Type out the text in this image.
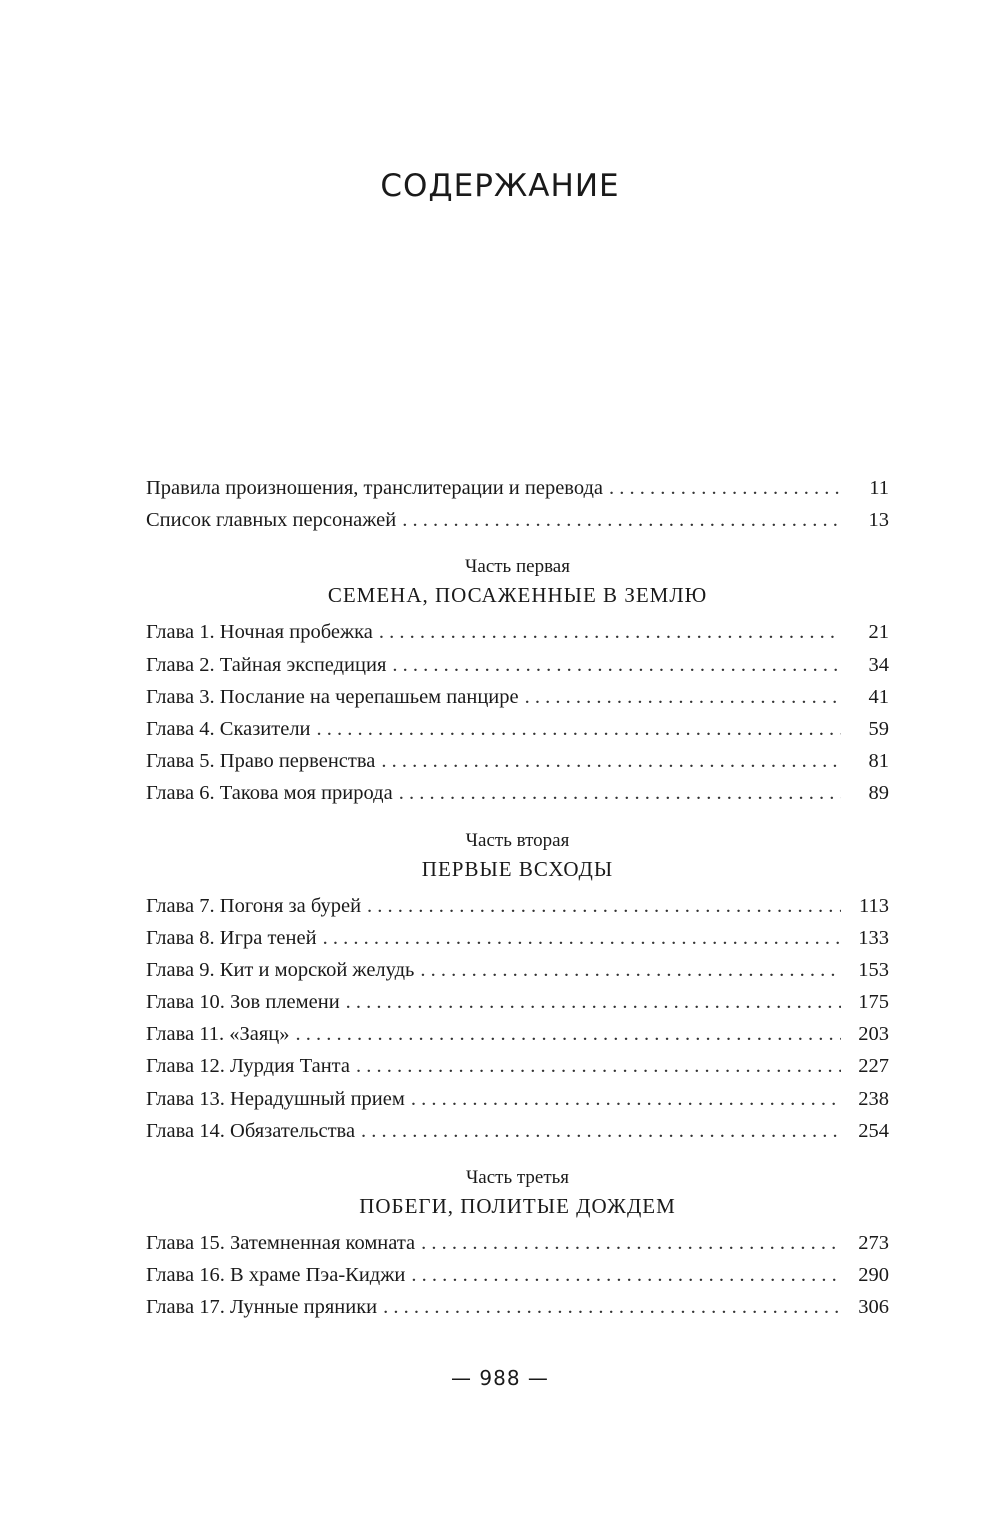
СОДЕРЖАНИЕ
Правила произношения, транслитерации и перевода . . .	11
Список главных персонажей . . .	13
Часть первая
СЕМЕНА, ПОСАЖЕННЫЕ В ЗЕМЛЮ
Глава 1. Ночная пробежка . . .	21
Глава 2. Тайная экспедиция . . .	34
Глава 3. Послание на черепашьем панцире . . .	41
Глава 4. Сказители . . .	59
Глава 5. Право первенства . . .	81
Глава 6. Такова моя природа . . .	89
Часть вторая
ПЕРВЫЕ ВСХОДЫ
Глава 7. Погоня за бурей . . .	113
Глава 8. Игра теней . . .	133
Глава 9. Кит и морской желудь . . .	153
Глава 10. Зов племени . . .	175
Глава 11. «Заяц» . . .	203
Глава 12. Лурдия Танта . . .	227
Глава 13. Нерадушный прием . . .	238
Глава 14. Обязательства . . .	254
Часть третья
ПОБЕГИ, ПОЛИТЫЕ ДОЖДЕМ
Глава 15. Затемненная комната . . .	273
Глава 16. В храме Пэа-Киджи . . .	290
Глава 17. Лунные пряники . . .	306
— 988 —
